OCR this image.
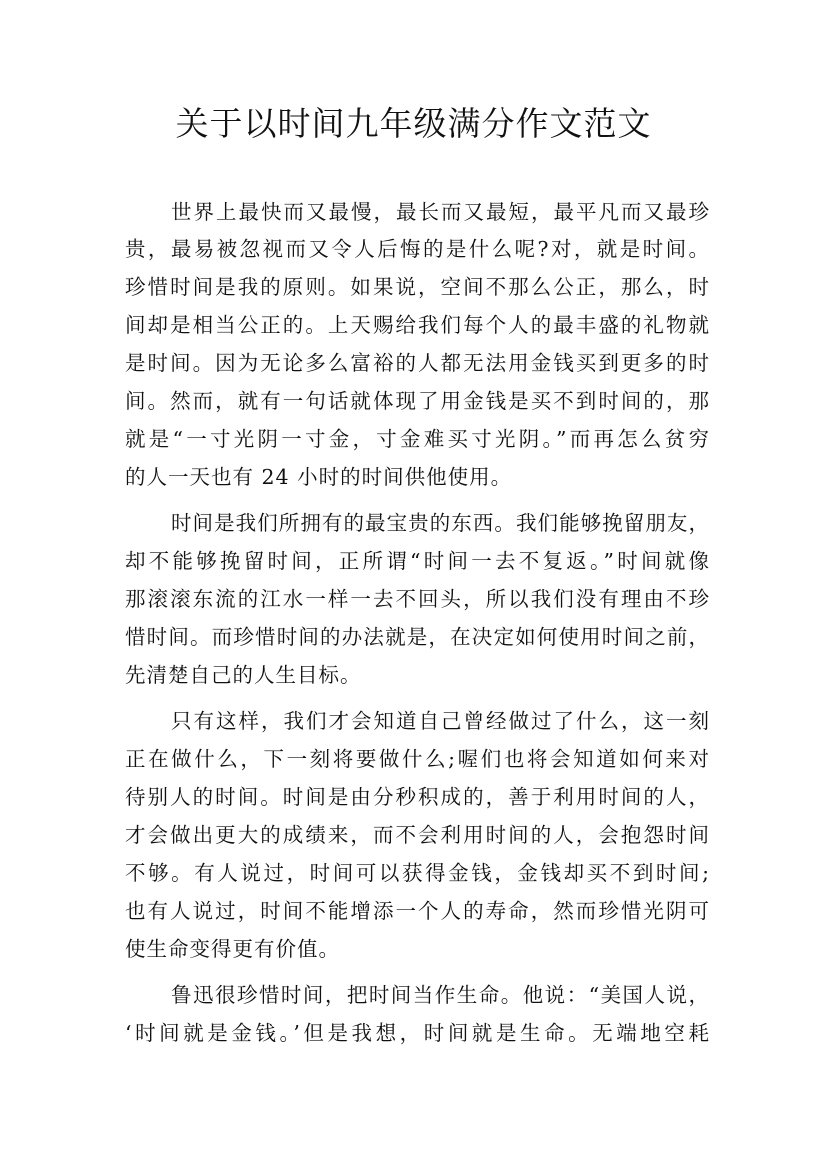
关于以时间九年级满分作文范文
世界上最快而又最慢，最长而又最短，最平凡而又最珍
贵，最易被忽视而又令人后悔的是什么呢?对，就是时间。
珍惜时间是我的原则。如果说，空间不那么公正，那么，时
间却是相当公正的。上天赐给我们每个人的最丰盛的礼物就
是时间。因为无论多么富裕的人都无法用金钱买到更多的时
间。然而，就有一句话就体现了用金钱是买不到时间的，那
就是“一寸光阴一寸金，寸金难买寸光阴。”而再怎么贫穷
的人一天也有 24 小时的时间供他使用。
时间是我们所拥有的最宝贵的东西。我们能够挽留朋友，
却不能够挽留时间，正所谓“时间一去不复返。”时间就像
那滚滚东流的江水一样一去不回头，所以我们没有理由不珍
惜时间。而珍惜时间的办法就是，在决定如何使用时间之前，
先清楚自己的人生目标。
只有这样，我们才会知道自己曾经做过了什么，这一刻
正在做什么，下一刻将要做什么;喔们也将会知道如何来对
待别人的时间。时间是由分秒积成的，善于利用时间的人，
才会做出更大的成绩来，而不会利用时间的人，会抱怨时间
不够。有人说过，时间可以获得金钱，金钱却买不到时间;
也有人说过，时间不能增添一个人的寿命，然而珍惜光阴可
使生命变得更有价值。
鲁迅很珍惜时间，把时间当作生命。他说：“美国人说，
‘时间就是金钱。’但是我想，时间就是生命。无端地空耗
